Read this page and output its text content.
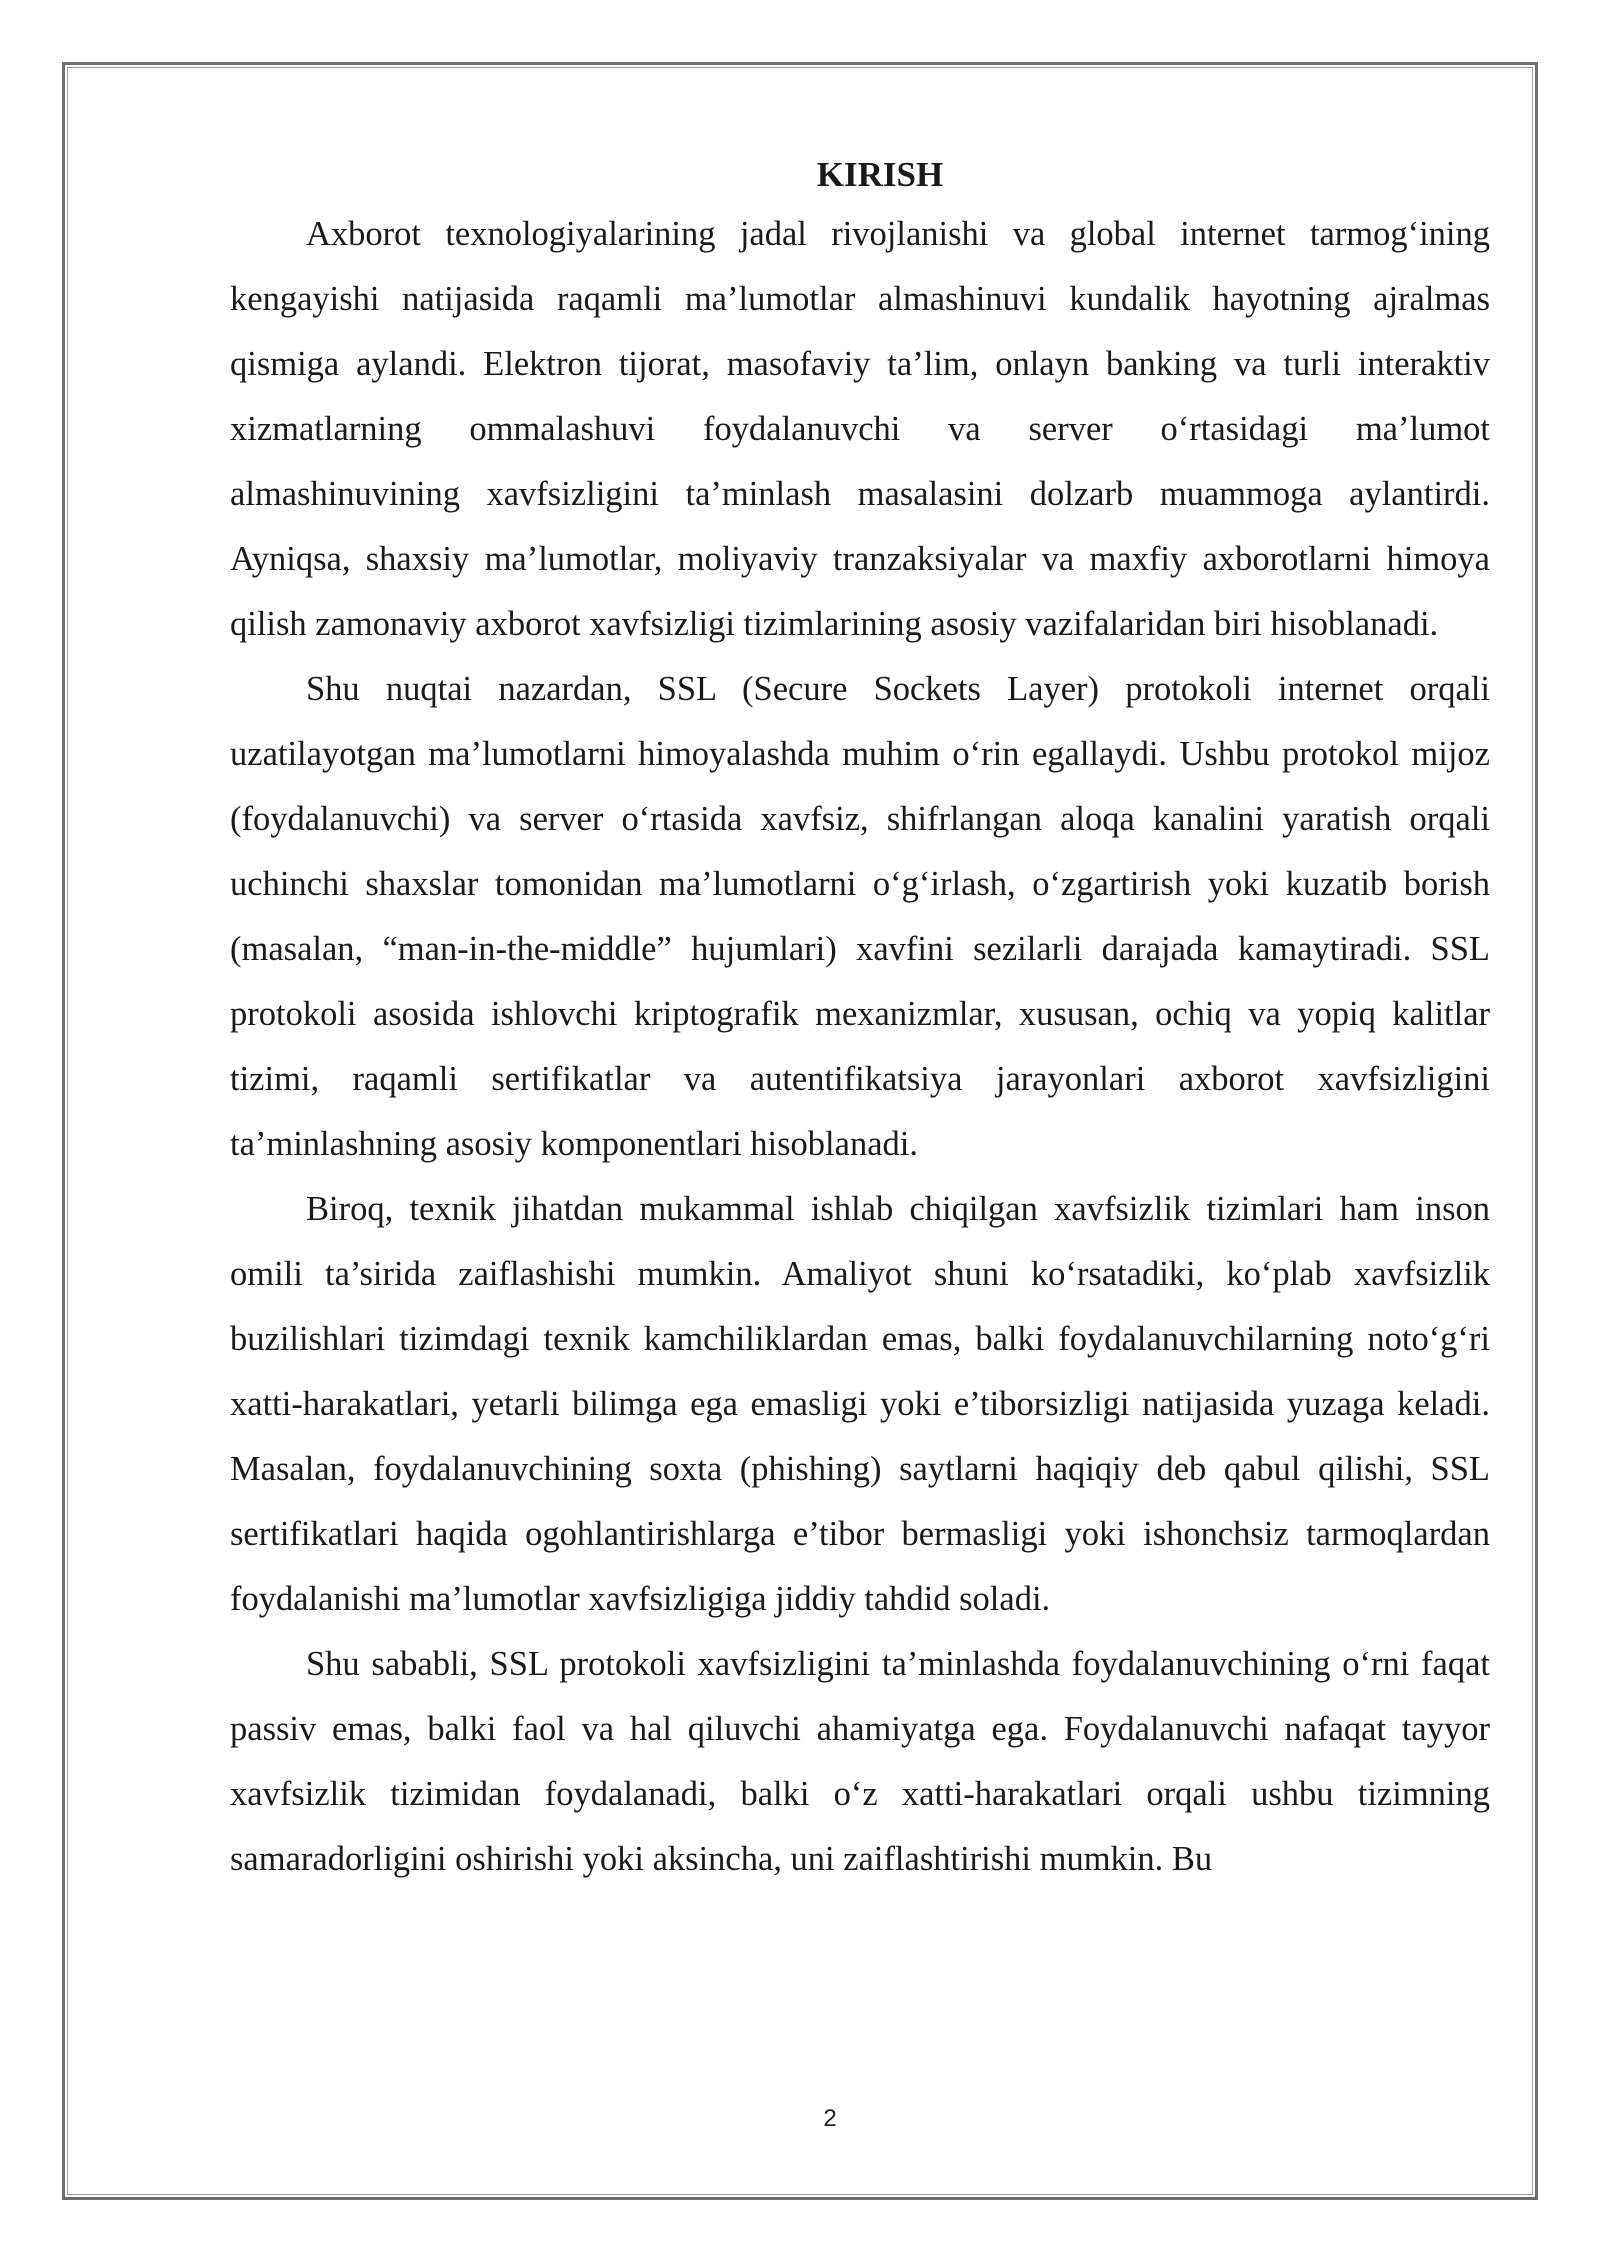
KIRISH

Axborot texnologiyalarining jadal rivojlanishi va global internet tarmog‘ining kengayishi natijasida raqamli ma’lumotlar almashinuvi kundalik hayotning ajralmas qismiga aylandi. Elektron tijorat, masofaviy ta’lim, onlayn banking va turli interaktiv xizmatlarning ommalashuvi foydalanuvchi va server o‘rtasidagi ma’lumot almashinuvining xavfsizligini ta’minlash masalasini dolzarb muammoga aylantirdi. Ayniqsa, shaxsiy ma’lumotlar, moliyaviy tranzaksiyalar va maxfiy axborotlarni himoya qilish zamonaviy axborot xavfsizligi tizimlarining asosiy vazifalaridan biri hisoblanadi.

Shu nuqtai nazardan, SSL (Secure Sockets Layer) protokoli internet orqali uzatilayotgan ma’lumotlarni himoyalashda muhim o‘rin egallaydi. Ushbu protokol mijoz (foydalanuvchi) va server o‘rtasida xavfsiz, shifrlangan aloqa kanalini yaratish orqali uchinchi shaxslar tomonidan ma’lumotlarni o‘g‘irlash, o‘zgartirish yoki kuzatib borish (masalan, “man-in-the-middle” hujumlari) xavfini sezilarli darajada kamaytiradi. SSL protokoli asosida ishlovchi kriptografik mexanizmlar, xususan, ochiq va yopiq kalitlar tizimi, raqamli sertifikatlar va autentifikatsiya jarayonlari axborot xavfsizligini ta’minlashning asosiy komponentlari hisoblanadi.

Biroq, texnik jihatdan mukammal ishlab chiqilgan xavfsizlik tizimlari ham inson omili ta’sirida zaiflashishi mumkin. Amaliyot shuni ko‘rsatadiki, ko‘plab xavfsizlik buzilishlari tizimdagi texnik kamchiliklardan emas, balki foydalanuvchilarning noto‘g‘ri xatti-harakatlari, yetarli bilimga ega emasligi yoki e’tiborsizligi natijasida yuzaga keladi. Masalan, foydalanuvchining soxta (phishing) saytlarni haqiqiy deb qabul qilishi, SSL sertifikatlari haqida ogohlantirishlarga e’tibor bermasligi yoki ishonchsiz tarmoqlardan foydalanishi ma’lumotlar xavfsizligiga jiddiy tahdid soladi.

Shu sababli, SSL protokoli xavfsizligini ta’minlashda foydalanuvchining o‘rni faqat passiv emas, balki faol va hal qiluvchi ahamiyatga ega. Foydalanuvchi nafaqat tayyor xavfsizlik tizimidan foydalanadi, balki o‘z xatti-harakatlari orqali ushbu tizimning samaradorligini oshirishi yoki aksincha, uni zaiflashtirishi mumkin. Bu

2
